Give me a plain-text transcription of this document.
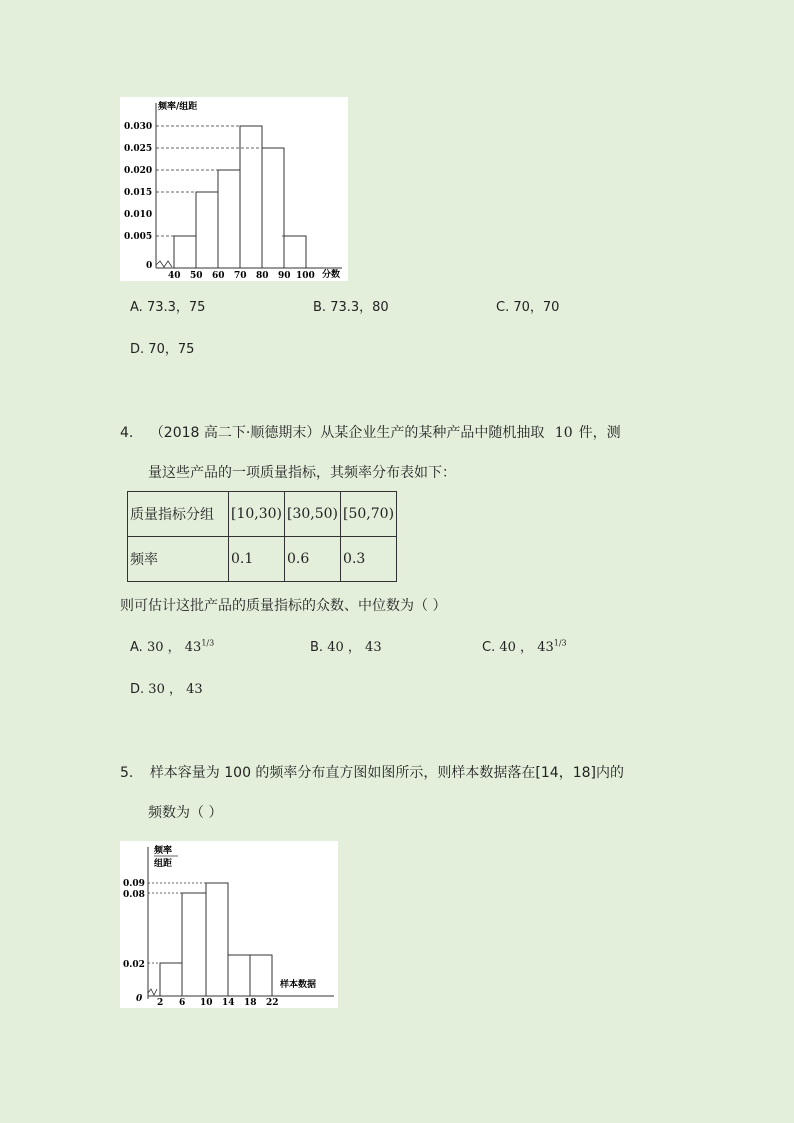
频率/组距
0.030
0.025
0.020
0.015
0.010
0.005
0
40 50 60 70 80 90 100 分数
A. 73.3，75	B. 73.3，80	C. 70，70
D. 70，75
4. （2018 高二下·顺德期末）从某企业生产的某种产品中随机抽取 10 件，测
量这些产品的一项质量指标，其频率分布表如下：
质量指标分组	[10,30)	[30,50)	[50,70)
频率	0.1	0.6	0.3
则可估计这批产品的质量指标的众数、中位数为（ ）
A. 30 ， $43^{1/3}$	B. 40 ， 43	C. 40 ， $43^{1/3}$
D. 30 ， 43
5. 样本容量为 100 的频率分布直方图如图所示，则样本数据落在[14，18]内的
频数为（ ）
频率
组距
0.09
0.08
0.02
0 2 6 10 14 18 22
样本数据
